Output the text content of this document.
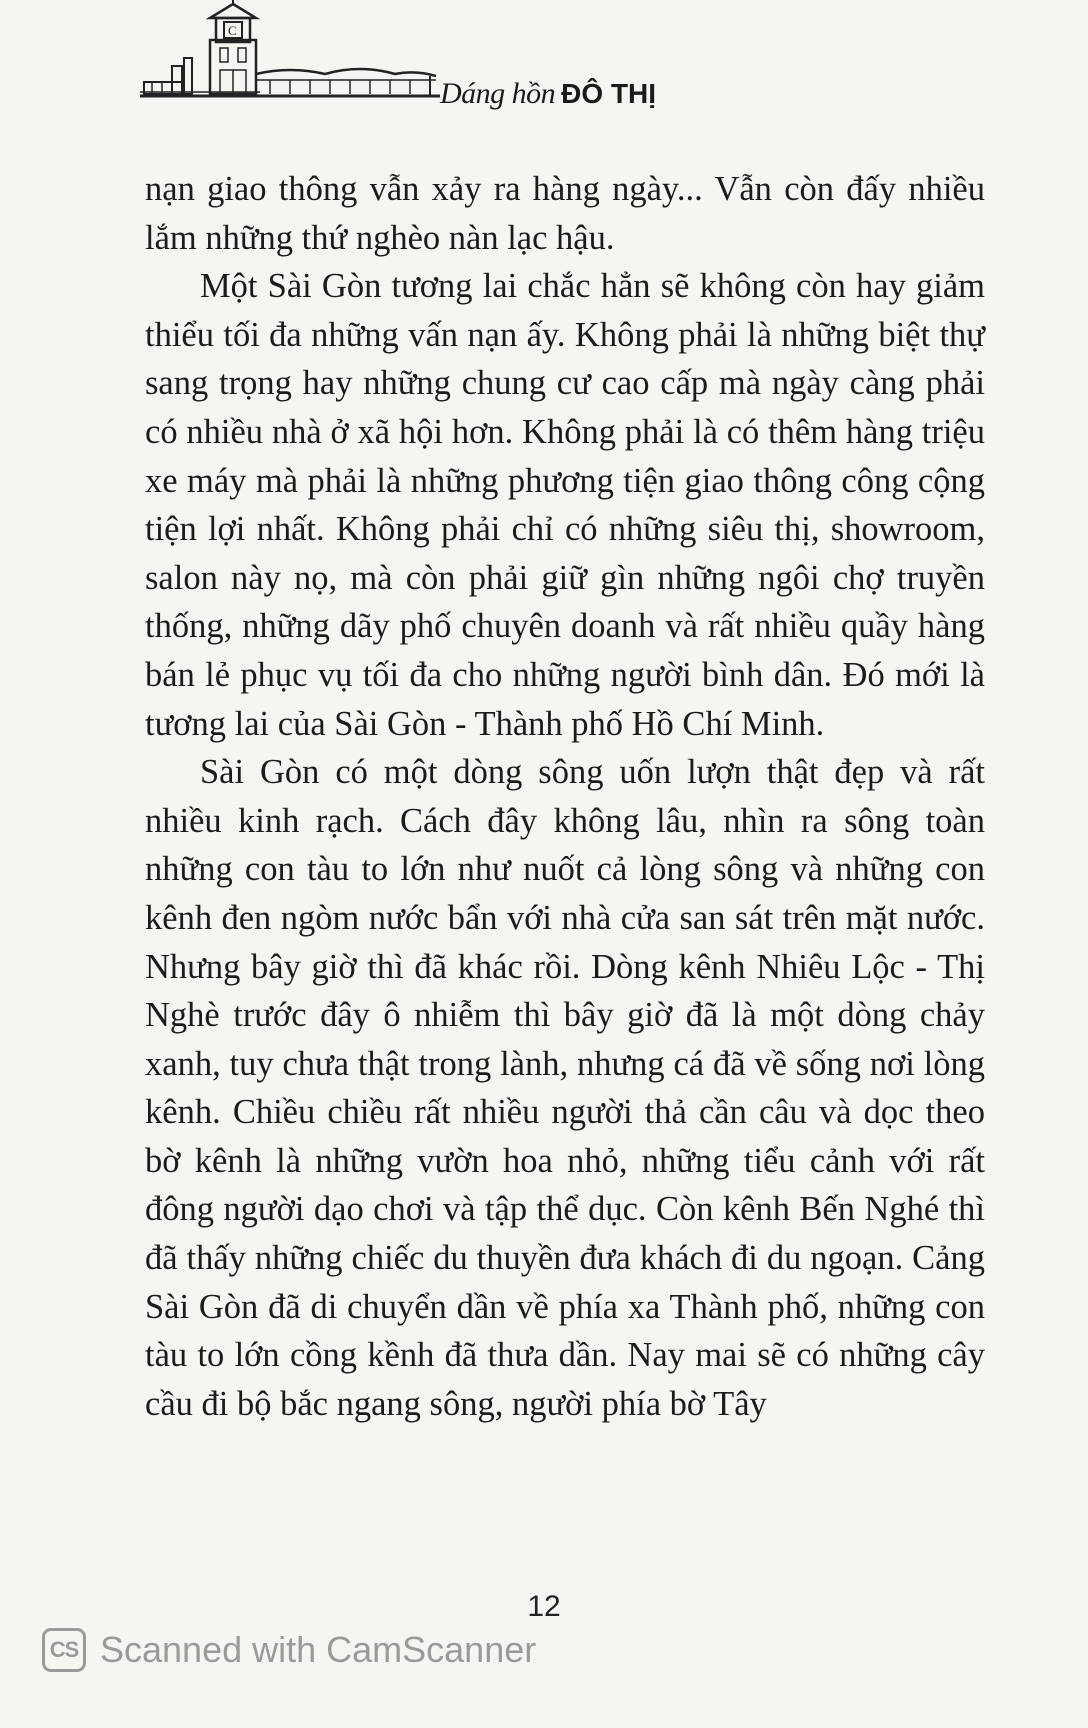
C
Dáng hồn ĐÔ THỊ

nạn giao thông vẫn xảy ra hàng ngày... Vẫn còn đấy nhiều lắm những thứ nghèo nàn lạc hậu.

Một Sài Gòn tương lai chắc hẳn sẽ không còn hay giảm thiểu tối đa những vấn nạn ấy. Không phải là những biệt thự sang trọng hay những chung cư cao cấp mà ngày càng phải có nhiều nhà ở xã hội hơn. Không phải là có thêm hàng triệu xe máy mà phải là những phương tiện giao thông công cộng tiện lợi nhất. Không phải chỉ có những siêu thị, showroom, salon này nọ, mà còn phải giữ gìn những ngôi chợ truyền thống, những dãy phố chuyên doanh và rất nhiều quầy hàng bán lẻ phục vụ tối đa cho những người bình dân. Đó mới là tương lai của Sài Gòn - Thành phố Hồ Chí Minh.

Sài Gòn có một dòng sông uốn lượn thật đẹp và rất nhiều kinh rạch. Cách đây không lâu, nhìn ra sông toàn những con tàu to lớn như nuốt cả lòng sông và những con kênh đen ngòm nước bẩn với nhà cửa san sát trên mặt nước. Nhưng bây giờ thì đã khác rồi. Dòng kênh Nhiêu Lộc - Thị Nghè trước đây ô nhiễm thì bây giờ đã là một dòng chảy xanh, tuy chưa thật trong lành, nhưng cá đã về sống nơi lòng kênh. Chiều chiều rất nhiều người thả cần câu và dọc theo bờ kênh là những vườn hoa nhỏ, những tiểu cảnh với rất đông người dạo chơi và tập thể dục. Còn kênh Bến Nghé thì đã thấy những chiếc du thuyền đưa khách đi du ngoạn. Cảng Sài Gòn đã di chuyển dần về phía xa Thành phố, những con tàu to lớn cồng kềnh đã thưa dần. Nay mai sẽ có những cây cầu đi bộ bắc ngang sông, người phía bờ Tây

12
CS Scanned with CamScanner
